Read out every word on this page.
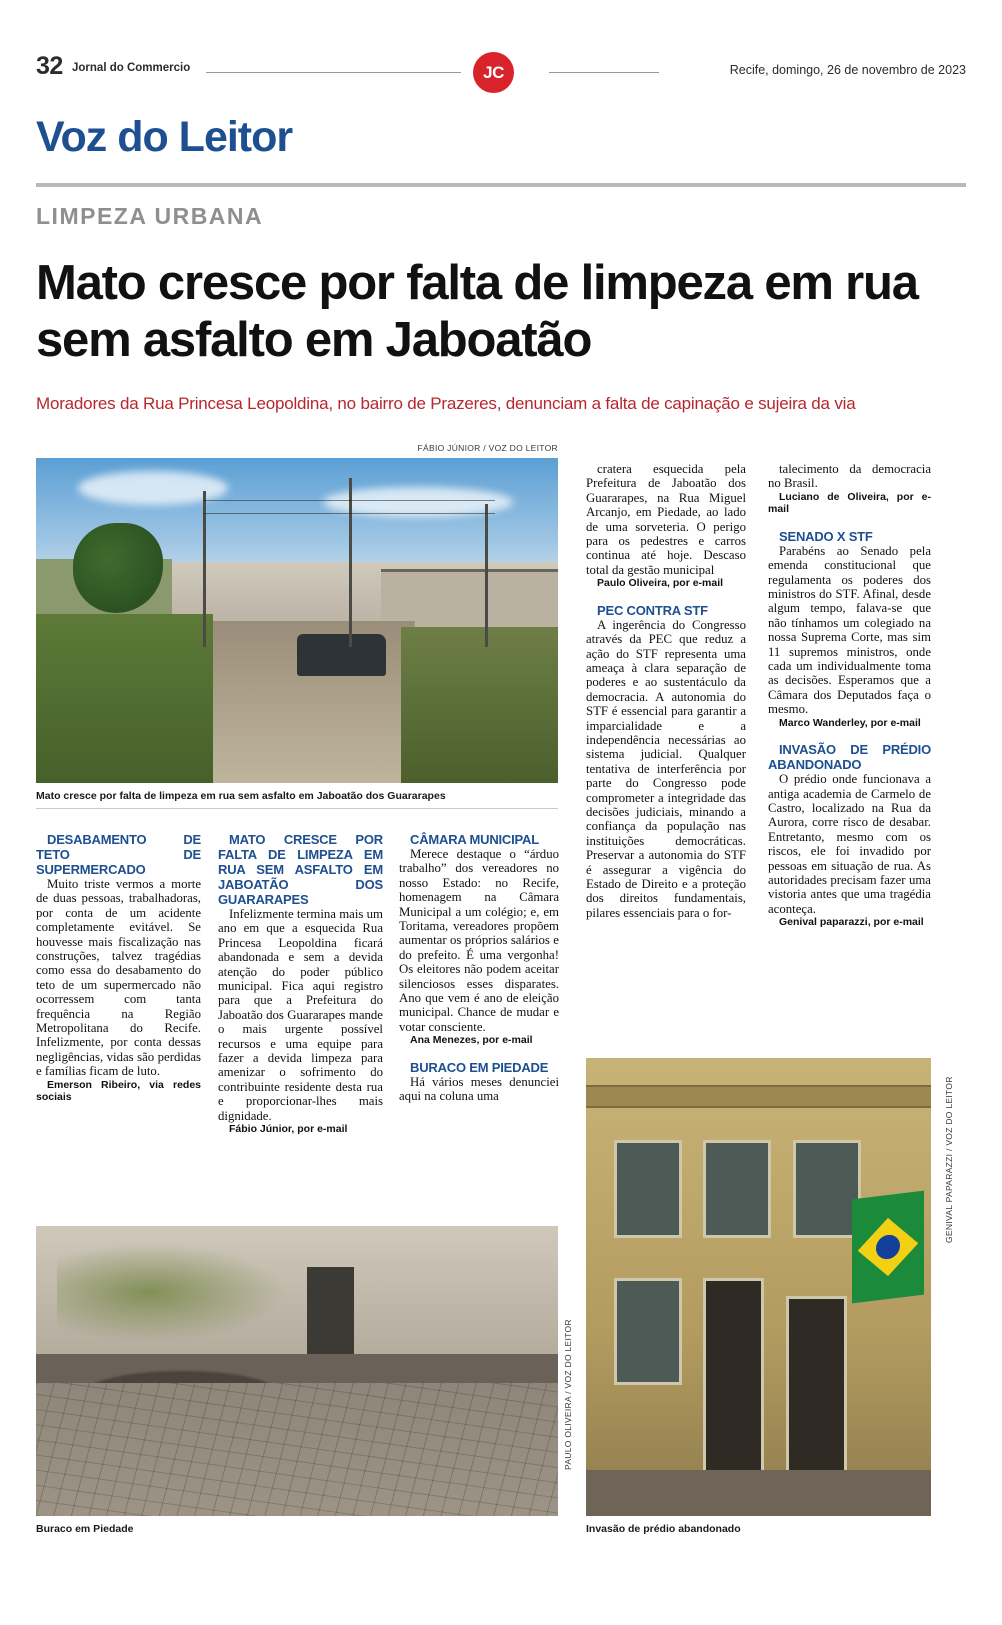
32 Jornal do Commercio	JC	Recife, domingo, 26 de novembro de 2023
Voz do Leitor
LIMPEZA URBANA
Mato cresce por falta de limpeza em rua sem asfalto em Jaboatão
Moradores da Rua Princesa Leopoldina, no bairro de Prazeres, denunciam a falta de capinação e sujeira da via
FÁBIO JÚNIOR / VOZ DO LEITOR
Mato cresce por falta de limpeza em rua sem asfalto em Jaboatão dos Guararapes

DESABAMENTO DE TETO DE SUPERMERCADO

Muito triste vermos a morte de duas pessoas, trabalhadoras, por conta de um acidente completamente evitável. Se houvesse mais fiscalização nas construções, talvez tragédias como essa do desabamento do teto de um supermercado não ocorressem com tanta frequência na Região Metropolitana do Recife. Infelizmente, por conta dessas negligências, vidas são perdidas e famílias ficam de luto.

Emerson Ribeiro, via redes sociais

MATO CRESCE POR FALTA DE LIMPEZA EM RUA SEM ASFALTO EM JABOATÃO DOS GUARARAPES

Infelizmente termina mais um ano em que a esquecida Rua Princesa Leopoldina ficará abandonada e sem a devida atenção do poder público municipal. Fica aqui registro para que a Prefeitura do Jaboatão dos Guararapes mande o mais urgente possível recursos e uma equipe para fazer a devida limpeza para amenizar o sofrimento do contribuinte residente desta rua e proporcionar-lhes mais dignidade.

Fábio Júnior, por e-mail

CÂMARA MUNICIPAL

Merece destaque o “árduo trabalho” dos vereadores no nosso Estado: no Recife, homenagem na Câmara Municipal a um colégio; e, em Toritama, vereadores propõem aumentar os próprios salários e do prefeito. É uma vergonha! Os eleitores não podem aceitar silenciosos esses disparates. Ano que vem é ano de eleição municipal. Chance de mudar e votar consciente.

Ana Menezes, por e-mail

BURACO EM PIEDADE

Há vários meses denunciei aqui na coluna uma

cratera esquecida pela Prefeitura de Jaboatão dos Guararapes, na Rua Miguel Arcanjo, em Piedade, ao lado de uma sorveteria. O perigo para os pedestres e carros continua até hoje. Descaso total da gestão municipal

Paulo Oliveira, por e-mail

PEC CONTRA STF

A ingerência do Congresso através da PEC que reduz a ação do STF representa uma ameaça à clara separação de poderes e ao sustentáculo da democracia. A autonomia do STF é essencial para garantir a imparcialidade e a independência necessárias ao sistema judicial. Qualquer tentativa de interferência por parte do Congresso pode comprometer a integridade das decisões judiciais, minando a confiança da população nas instituições democráticas. Preservar a autonomia do STF é assegurar a vigência do Estado de Direito e a proteção dos direitos fundamentais, pilares essenciais para o for-

talecimento da democracia no Brasil.

Luciano de Oliveira, por e-mail

SENADO X STF

Parabéns ao Senado pela emenda constitucional que regulamenta os poderes dos ministros do STF. Afinal, desde algum tempo, falava-se que não tínhamos um colegiado na nossa Suprema Corte, mas sim 11 supremos ministros, onde cada um individualmente toma as decisões. Esperamos que a Câmara dos Deputados faça o mesmo.

Marco Wanderley, por e-mail

INVASÃO DE PRÉDIO ABANDONADO

O prédio onde funcionava a antiga academia de Carmelo de Castro, localizado na Rua da Aurora, corre risco de desabar. Entretanto, mesmo com os riscos, ele foi invadido por pessoas em situação de rua. As autoridades precisam fazer uma vistoria antes que uma tragédia aconteça.

Genival paparazzi, por e-mail

PAULO OLIVEIRA / VOZ DO LEITOR
Buraco em Piedade
GENIVAL PAPARAZZI / VOZ DO LEITOR
Invasão de prédio abandonado
